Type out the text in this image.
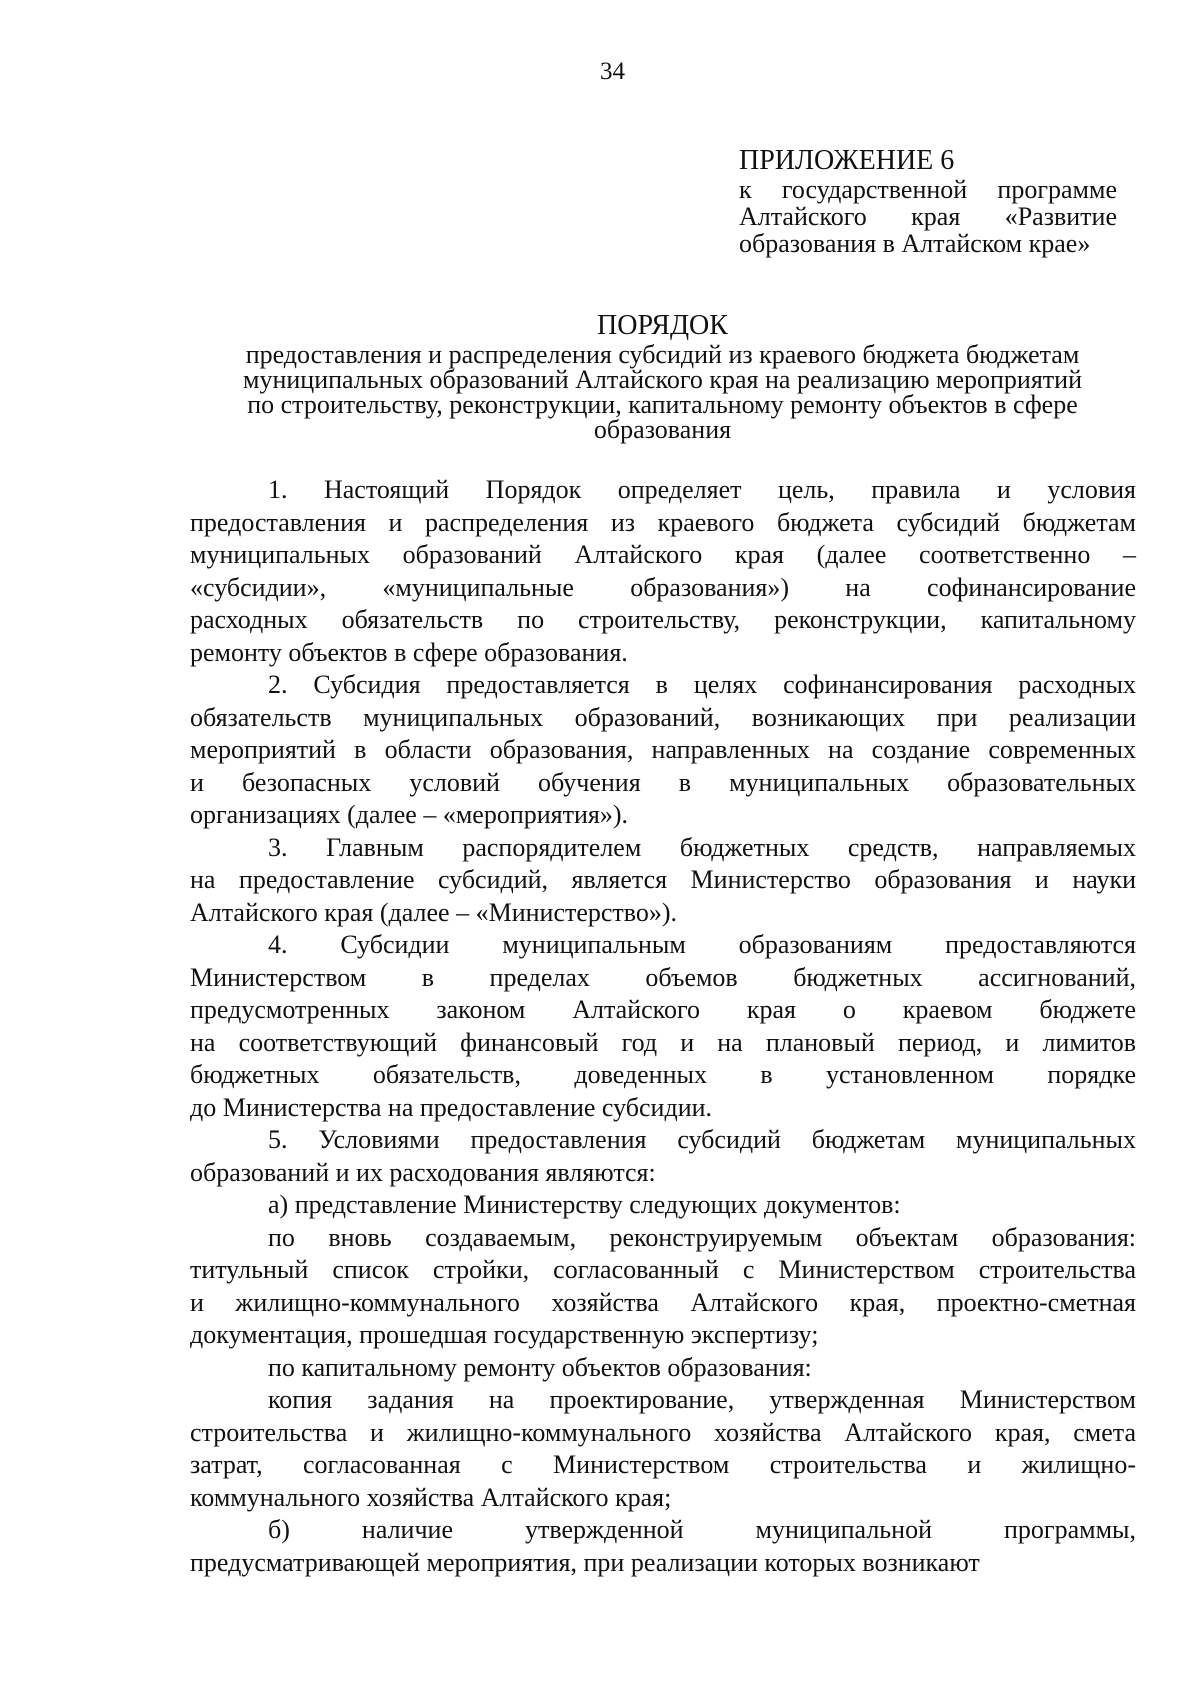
34
ПРИЛОЖЕНИЕ 6
к государственной программе
Алтайского края «Развитие
образования в Алтайском крае»
ПОРЯДОК
предоставления и распределения субсидий из краевого бюджета бюджетам
муниципальных образований Алтайского края на реализацию мероприятий
по строительству, реконструкции, капитальному ремонту объектов в сфере
образования
1. Настоящий Порядок определяет цель, правила и условия
предоставления и распределения из краевого бюджета субсидий бюджетам
муниципальных образований Алтайского края (далее соответственно –
«субсидии», «муниципальные образования») на софинансирование
расходных обязательств по строительству, реконструкции, капитальному
ремонту объектов в сфере образования.
2. Субсидия предоставляется в целях софинансирования расходных
обязательств муниципальных образований, возникающих при реализации
мероприятий в области образования, направленных на создание современных
и безопасных условий обучения в муниципальных образовательных
организациях (далее – «мероприятия»).
3. Главным распорядителем бюджетных средств, направляемых
на предоставление субсидий, является Министерство образования и науки
Алтайского края (далее – «Министерство»).
4. Субсидии муниципальным образованиям предоставляются
Министерством в пределах объемов бюджетных ассигнований,
предусмотренных законом Алтайского края о краевом бюджете
на соответствующий финансовый год и на плановый период, и лимитов
бюджетных обязательств, доведенных в установленном порядке
до Министерства на предоставление субсидии.
5. Условиями предоставления субсидий бюджетам муниципальных
образований и их расходования являются:
а) представление Министерству следующих документов:
по вновь создаваемым, реконструируемым объектам образования:
титульный список стройки, согласованный с Министерством строительства
и жилищно-коммунального хозяйства Алтайского края, проектно-сметная
документация, прошедшая государственную экспертизу;
по капитальному ремонту объектов образования:
копия задания на проектирование, утвержденная Министерством
строительства и жилищно-коммунального хозяйства Алтайского края, смета
затрат, согласованная с Министерством строительства и жилищно-
коммунального хозяйства Алтайского края;
б) наличие утвержденной муниципальной программы,
предусматривающей мероприятия, при реализации которых возникают
